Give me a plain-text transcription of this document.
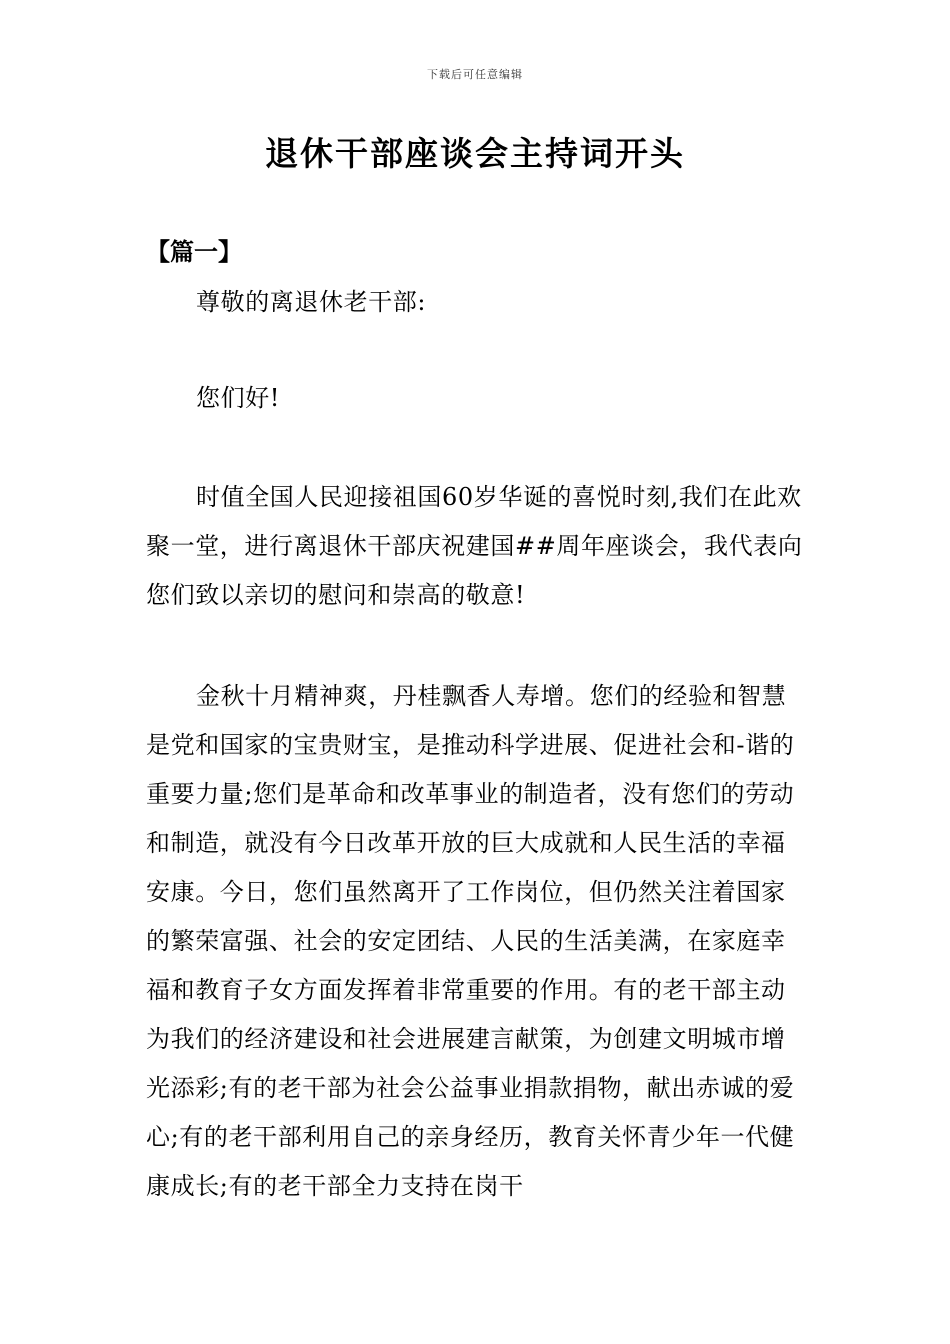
下载后可任意编辑
退休干部座谈会主持词开头

【篇一】

尊敬的离退休老干部:

您们好!

时值全国人民迎接祖国60岁华诞的喜悦时刻,我们在此欢聚一堂，进行离退休干部庆祝建国##周年座谈会，我代表向您们致以亲切的慰问和崇高的敬意!

金秋十月精神爽，丹桂飘香人寿增。您们的经验和智慧是党和国家的宝贵财宝，是推动科学进展、促进社会和-谐的重要力量;您们是革命和改革事业的制造者，没有您们的劳动和制造，就没有今日改革开放的巨大成就和人民生活的幸福安康。今日，您们虽然离开了工作岗位，但仍然关注着国家的繁荣富强、社会的安定团结、人民的生活美满，在家庭幸福和教育子女方面发挥着非常重要的作用。有的老干部主动为我们的经济建设和社会进展建言献策，为创建文明城市增光添彩;有的老干部为社会公益事业捐款捐物，献出赤诚的爱心;有的老干部利用自己的亲身经历，教育关怀青少年一代健康成长;有的老干部全力支持在岗干
